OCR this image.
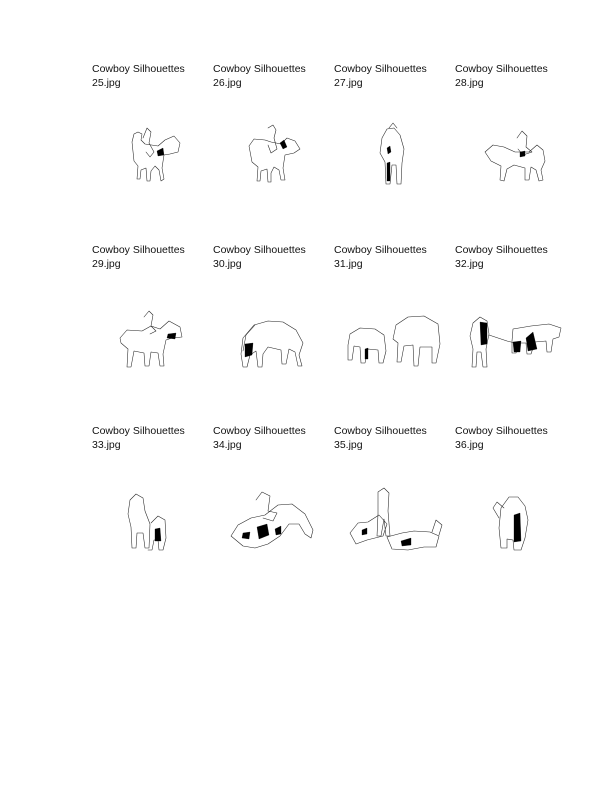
Cowboy Silhouettes
25.jpg
Cowboy Silhouettes
26.jpg
Cowboy Silhouettes
27.jpg
Cowboy Silhouettes
28.jpg
Cowboy Silhouettes
29.jpg
Cowboy Silhouettes
30.jpg
Cowboy Silhouettes
31.jpg
Cowboy Silhouettes
32.jpg
Cowboy Silhouettes
33.jpg
Cowboy Silhouettes
34.jpg
Cowboy Silhouettes
35.jpg
Cowboy Silhouettes
36.jpg
